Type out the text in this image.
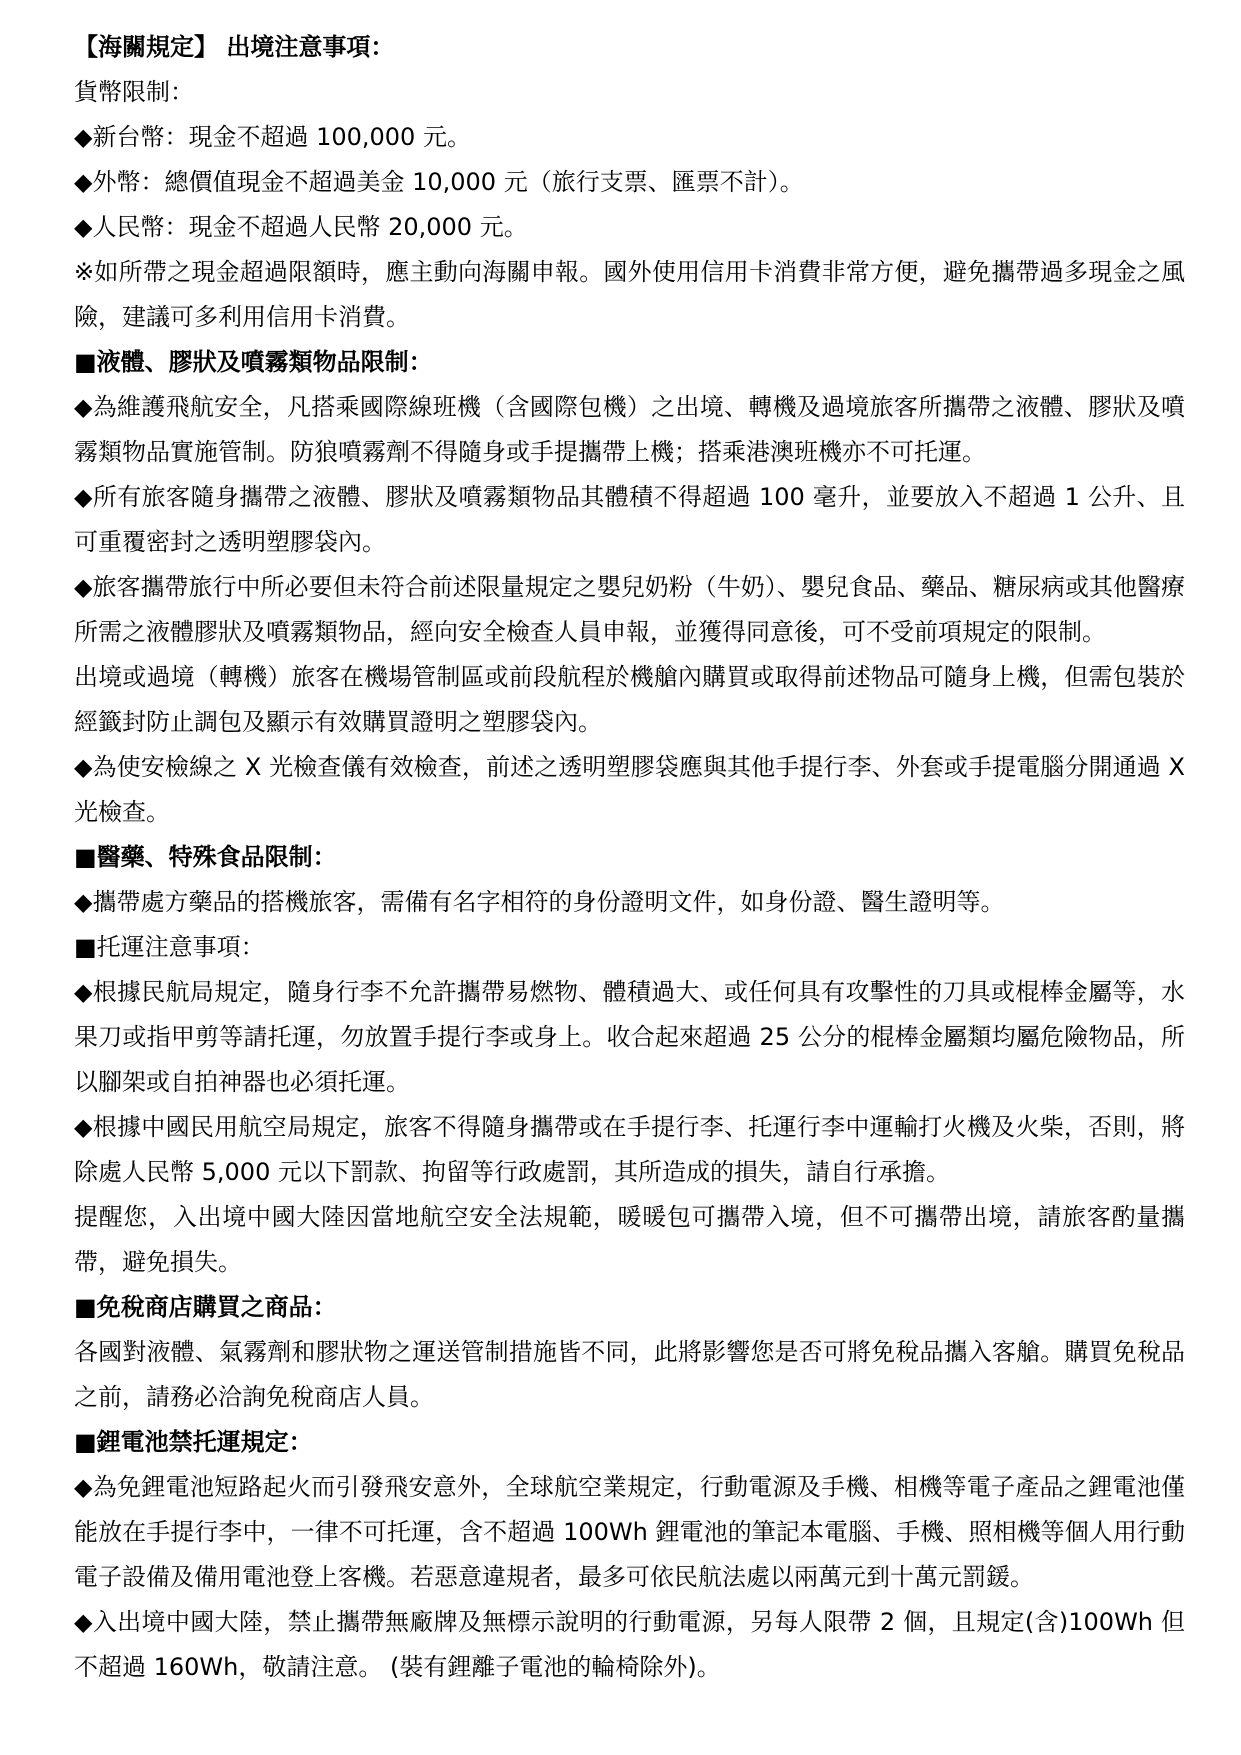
【海關規定】 出境注意事項：

貨幣限制：

◆新台幣：現金不超過 100,000 元。

◆外幣：總價值現金不超過美金 10,000 元（旅行支票、匯票不計）。

◆人民幣：現金不超過人民幣 20,000 元。

※如所帶之現金超過限額時，應主動向海關申報。國外使用信用卡消費非常方便，避免攜帶過多現金之風險，建議可多利用信用卡消費。

■液體、膠狀及噴霧類物品限制：

◆為維護飛航安全，凡搭乘國際線班機（含國際包機）之出境、轉機及過境旅客所攜帶之液體、膠狀及噴霧類物品實施管制。防狼噴霧劑不得隨身或手提攜帶上機；搭乘港澳班機亦不可托運。

◆所有旅客隨身攜帶之液體、膠狀及噴霧類物品其體積不得超過 100 毫升，並要放入不超過 1 公升、且可重覆密封之透明塑膠袋內。

◆旅客攜帶旅行中所必要但未符合前述限量規定之嬰兒奶粉（牛奶）、嬰兒食品、藥品、糖尿病或其他醫療所需之液體膠狀及噴霧類物品，經向安全檢查人員申報，並獲得同意後，可不受前項規定的限制。

出境或過境（轉機）旅客在機場管制區或前段航程於機艙內購買或取得前述物品可隨身上機，但需包裝於經籤封防止調包及顯示有效購買證明之塑膠袋內。

◆為使安檢線之 X 光檢查儀有效檢查，前述之透明塑膠袋應與其他手提行李、外套或手提電腦分開通過 X 光檢查。

■醫藥、特殊食品限制：

◆攜帶處方藥品的搭機旅客，需備有名字相符的身份證明文件，如身份證、醫生證明等。

■托運注意事項：

◆根據民航局規定，隨身行李不允許攜帶易燃物、體積過大、或任何具有攻擊性的刀具或棍棒金屬等，水果刀或指甲剪等請托運，勿放置手提行李或身上。收合起來超過 25 公分的棍棒金屬類均屬危險物品，所以腳架或自拍神器也必須托運。

◆根據中國民用航空局規定，旅客不得隨身攜帶或在手提行李、托運行李中運輸打火機及火柴，否則，將除處人民幣 5,000 元以下罰款、拘留等行政處罰，其所造成的損失，請自行承擔。

提醒您，入出境中國大陸因當地航空安全法規範，暖暖包可攜帶入境，但不可攜帶出境，請旅客酌量攜帶，避免損失。

■免稅商店購買之商品：

各國對液體、氣霧劑和膠狀物之運送管制措施皆不同，此將影響您是否可將免稅品攜入客艙。購買免稅品之前，請務必洽詢免稅商店人員。

■鋰電池禁托運規定：

◆為免鋰電池短路起火而引發飛安意外，全球航空業規定，行動電源及手機、相機等電子產品之鋰電池僅能放在手提行李中，一律不可托運，含不超過 100Wh 鋰電池的筆記本電腦、手機、照相機等個人用行動電子設備及備用電池登上客機。若惡意違規者，最多可依民航法處以兩萬元到十萬元罰鍰。

◆入出境中國大陸，禁止攜帶無廠牌及無標示說明的行動電源，另每人限帶 2 個，且規定(含)100Wh 但不超過 160Wh，敬請注意。 (裝有鋰離子電池的輪椅除外)。
